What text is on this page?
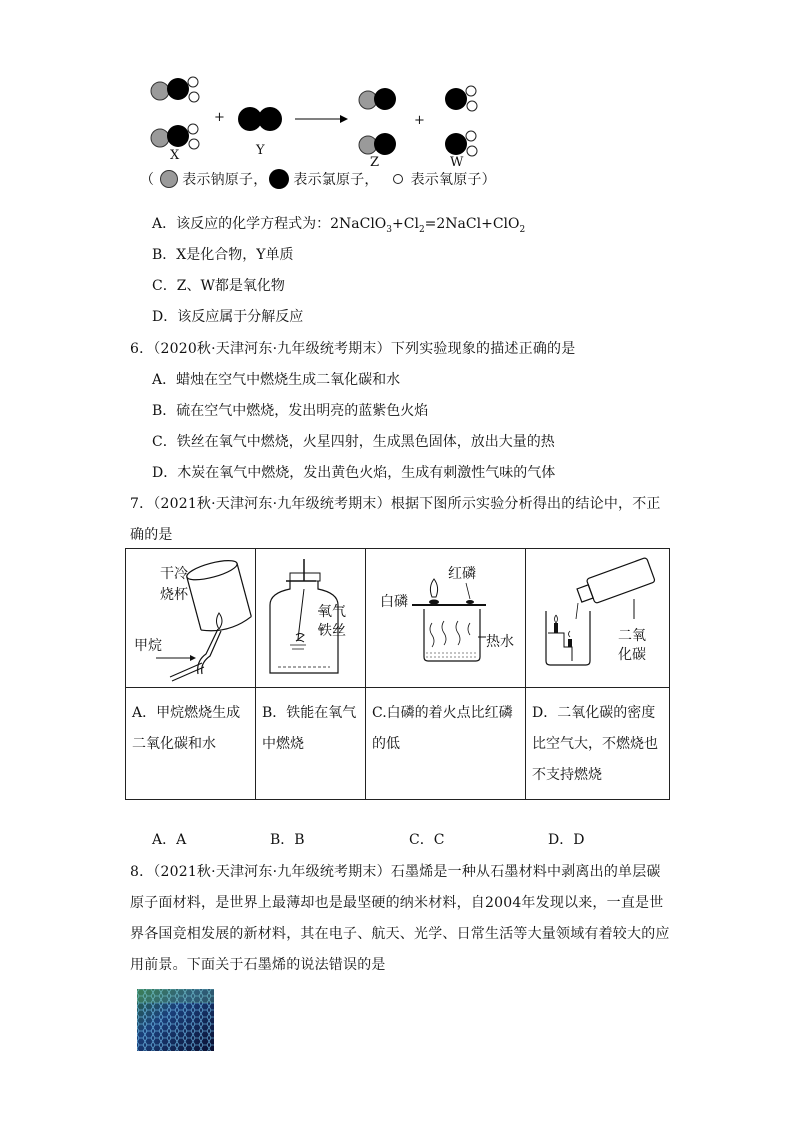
+	+
X	Y
Z	W
（ 表示钠原子， 表示氯原子， 表示氧原子）
A．该反应的化学方程式为：$2NaClO_3+Cl_2=2NaCl+ClO_2$
B．X是化合物，Y单质
C．Z、W都是氧化物
D．该反应属于分解反应
6．（2020秋·天津河东·九年级统考期末）下列实验现象的描述正确的是
A．蜡烛在空气中燃烧生成二氧化碳和水
B．硫在空气中燃烧，发出明亮的蓝紫色火焰
C．铁丝在氧气中燃烧，火星四射，生成黑色固体，放出大量的热
D．木炭在氧气中燃烧，发出黄色火焰，生成有刺激性气味的气体
7．（2021秋·天津河东·九年级统考期末）根据下图所示实验分析得出的结论中，不正
确的是
干冷
烧杯
甲烷	氧气
铁丝	红磷
白磷
热水	二氧
化碳

A．甲烷燃烧生成二氧化碳和水	B．铁能在氧气中燃烧	C.白磷的着火点比红磷的低	D．二氧化碳的密度比空气大，不燃烧也不支持燃烧
A．A	B．B	C．C	D．D
8．（2021秋·天津河东·九年级统考期末）石墨烯是一种从石墨材料中剥离出的单层碳
原子面材料，是世界上最薄却也是最坚硬的纳米材料，自2004年发现以来，一直是世
界各国竞相发展的新材料，其在电子、航天、光学、日常生活等大量领域有着较大的应
用前景。下面关于石墨烯的说法错误的是
